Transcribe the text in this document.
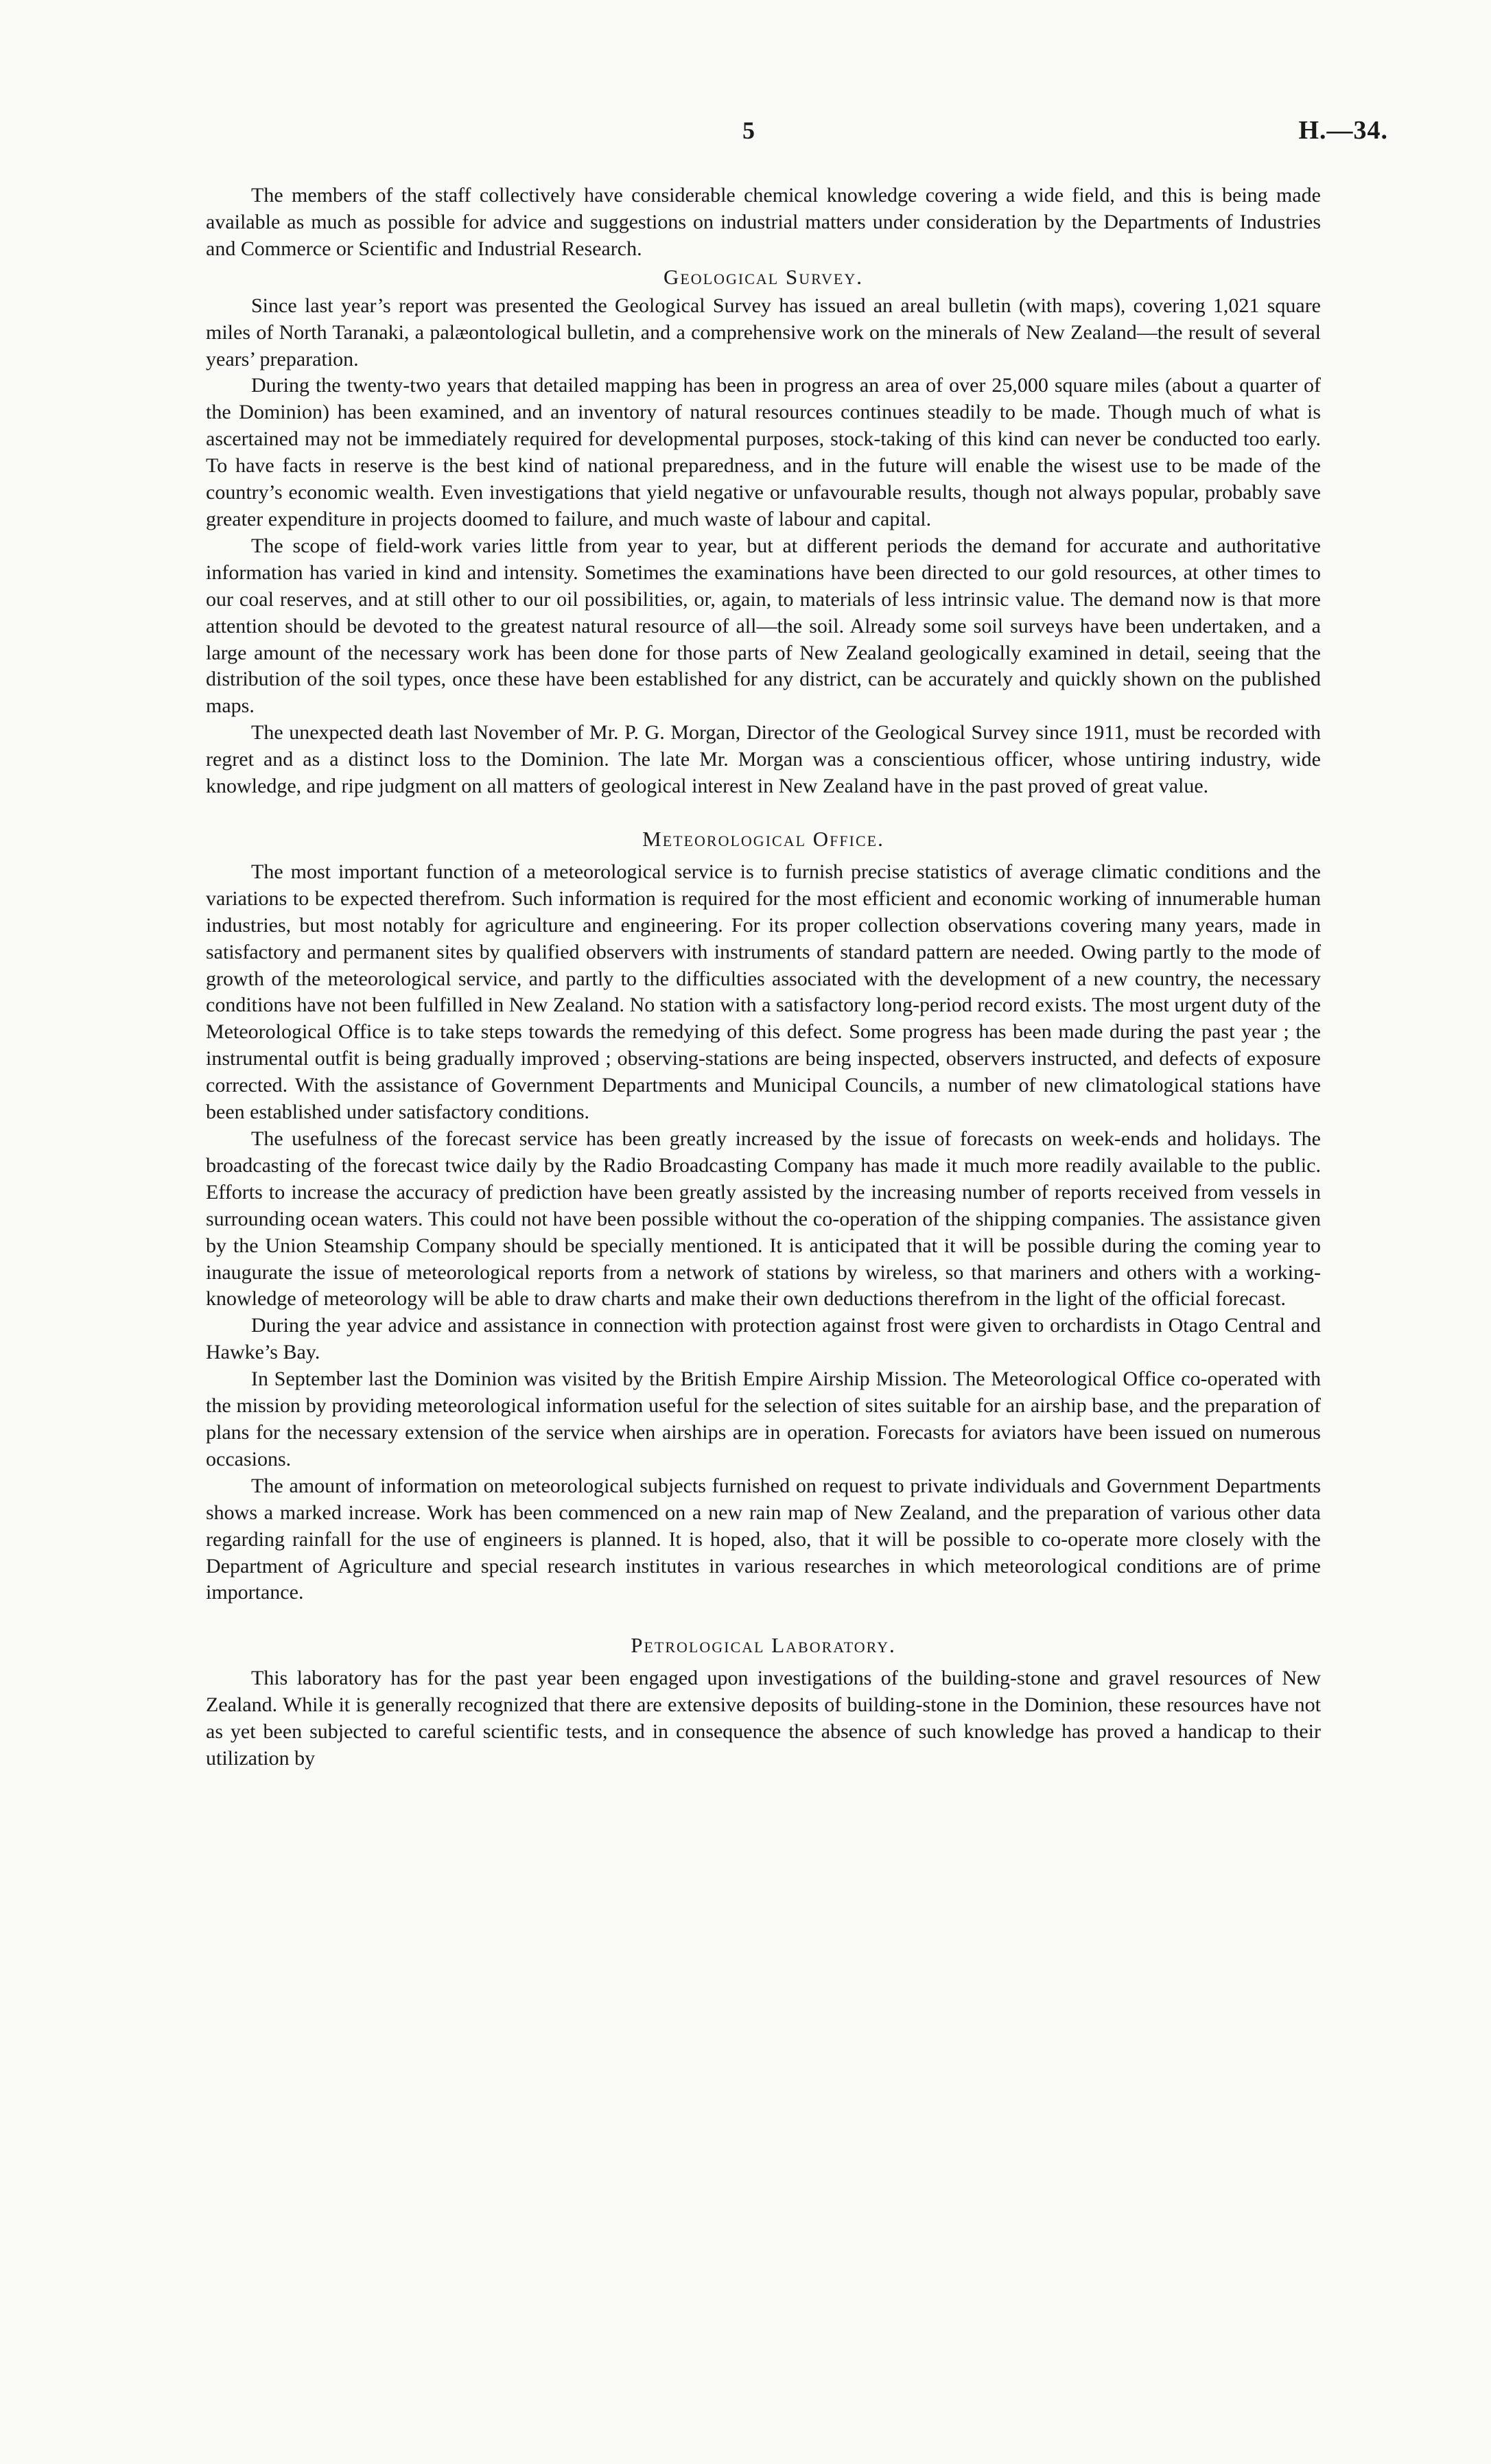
5	H.—34.

The members of the staff collectively have considerable chemical knowledge covering a wide field, and this is being made available as much as possible for advice and suggestions on industrial matters under consideration by the Departments of Industries and Commerce or Scientific and Industrial Research.

Geological Survey.

Since last year’s report was presented the Geological Survey has issued an areal bulletin (with maps), covering 1,021 square miles of North Taranaki, a palæontological bulletin, and a comprehensive work on the minerals of New Zealand—the result of several years’ preparation.

During the twenty-two years that detailed mapping has been in progress an area of over 25,000 square miles (about a quarter of the Dominion) has been examined, and an inventory of natural resources continues steadily to be made. Though much of what is ascertained may not be immediately required for developmental purposes, stock-taking of this kind can never be conducted too early. To have facts in reserve is the best kind of national preparedness, and in the future will enable the wisest use to be made of the country’s economic wealth. Even investigations that yield negative or unfavourable results, though not always popular, probably save greater expenditure in projects doomed to failure, and much waste of labour and capital.

The scope of field-work varies little from year to year, but at different periods the demand for accurate and authoritative information has varied in kind and intensity. Sometimes the examinations have been directed to our gold resources, at other times to our coal reserves, and at still other to our oil possibilities, or, again, to materials of less intrinsic value. The demand now is that more attention should be devoted to the greatest natural resource of all—the soil. Already some soil surveys have been undertaken, and a large amount of the necessary work has been done for those parts of New Zealand geologically examined in detail, seeing that the distribution of the soil types, once these have been established for any district, can be accurately and quickly shown on the published maps.

The unexpected death last November of Mr. P. G. Morgan, Director of the Geological Survey since 1911, must be recorded with regret and as a distinct loss to the Dominion. The late Mr. Morgan was a conscientious officer, whose untiring industry, wide knowledge, and ripe judgment on all matters of geological interest in New Zealand have in the past proved of great value.

Meteorological Office.

The most important function of a meteorological service is to furnish precise statistics of average climatic conditions and the variations to be expected therefrom. Such information is required for the most efficient and economic working of innumerable human industries, but most notably for agriculture and engineering. For its proper collection observations covering many years, made in satisfactory and permanent sites by qualified observers with instruments of standard pattern are needed. Owing partly to the mode of growth of the meteorological service, and partly to the difficulties associated with the development of a new country, the necessary conditions have not been fulfilled in New Zealand. No station with a satisfactory long-period record exists. The most urgent duty of the Meteorological Office is to take steps towards the remedying of this defect. Some progress has been made during the past year ; the instrumental outfit is being gradually improved ; observing-stations are being inspected, observers instructed, and defects of exposure corrected. With the assistance of Government Departments and Municipal Councils, a number of new climatological stations have been established under satisfactory conditions.

The usefulness of the forecast service has been greatly increased by the issue of forecasts on week-ends and holidays. The broadcasting of the forecast twice daily by the Radio Broadcasting Company has made it much more readily available to the public. Efforts to increase the accuracy of prediction have been greatly assisted by the increasing number of reports received from vessels in surrounding ocean waters. This could not have been possible without the co-operation of the shipping companies. The assistance given by the Union Steamship Company should be specially mentioned. It is anticipated that it will be possible during the coming year to inaugurate the issue of meteorological reports from a network of stations by wireless, so that mariners and others with a working-knowledge of meteorology will be able to draw charts and make their own deductions therefrom in the light of the official forecast.

During the year advice and assistance in connection with protection against frost were given to orchardists in Otago Central and Hawke’s Bay.

In September last the Dominion was visited by the British Empire Airship Mission. The Meteorological Office co-operated with the mission by providing meteorological information useful for the selection of sites suitable for an airship base, and the preparation of plans for the necessary extension of the service when airships are in operation. Forecasts for aviators have been issued on numerous occasions.

The amount of information on meteorological subjects furnished on request to private individuals and Government Departments shows a marked increase. Work has been commenced on a new rain map of New Zealand, and the preparation of various other data regarding rainfall for the use of engineers is planned. It is hoped, also, that it will be possible to co-operate more closely with the Department of Agriculture and special research institutes in various researches in which meteorological conditions are of prime importance.

Petrological Laboratory.

This laboratory has for the past year been engaged upon investigations of the building-stone and gravel resources of New Zealand. While it is generally recognized that there are extensive deposits of building-stone in the Dominion, these resources have not as yet been subjected to careful scientific tests, and in consequence the absence of such knowledge has proved a handicap to their utilization by
